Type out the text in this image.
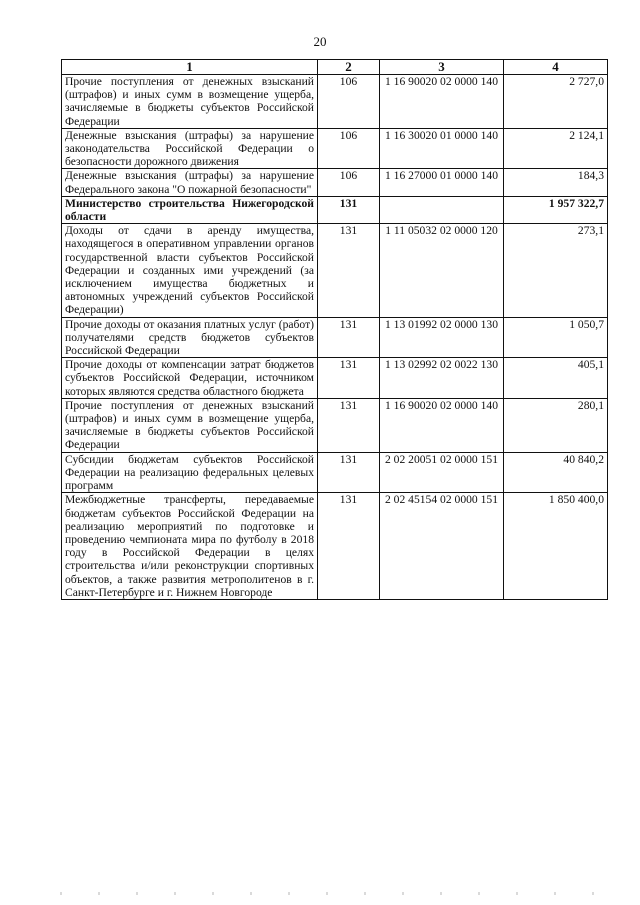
20
1	2	3	4
Прочие поступления от денежных взысканий (штрафов) и иных сумм в возмещение ущерба, зачисляемые в бюджеты субъектов Российской Федерации	106	1 16 90020 02 0000 140	2 727,0
Денежные взыскания (штрафы) за нарушение законодательства Российской Федерации о безопасности дорожного движения	106	1 16 30020 01 0000 140	2 124,1
Денежные взыскания (штрафы) за нарушение Федерального закона "О пожарной безопасности"	106	1 16 27000 01 0000 140	184,3
Министерство строительства Нижегородской области	131		1 957 322,7
Доходы от сдачи в аренду имущества, находящегося в оперативном управлении органов государственной власти субъектов Российской Федерации и созданных ими учреждений (за исключением имущества бюджетных и автономных учреждений субъектов Российской Федерации)	131	1 11 05032 02 0000 120	273,1
Прочие доходы от оказания платных услуг (работ) получателями средств бюджетов субъектов Российской Федерации	131	1 13 01992 02 0000 130	1 050,7
Прочие доходы от компенсации затрат бюджетов субъектов Российской Федерации, источником которых являются средства областного бюджета	131	1 13 02992 02 0022 130	405,1
Прочие поступления от денежных взысканий (штрафов) и иных сумм в возмещение ущерба, зачисляемые в бюджеты субъектов Российской Федерации	131	1 16 90020 02 0000 140	280,1
Субсидии бюджетам субъектов Российской Федерации на реализацию федеральных целевых программ	131	2 02 20051 02 0000 151	40 840,2
Межбюджетные трансферты, передаваемые бюджетам субъектов Российской Федерации на реализацию мероприятий по подготовке и проведению чемпионата мира по футболу в 2018 году в Российской Федерации в целях строительства и/или реконструкции спортивных объектов, а также развития метрополитенов в г. Санкт-Петербурге и г. Нижнем Новгороде	131	2 02 45154 02 0000 151	1 850 400,0
